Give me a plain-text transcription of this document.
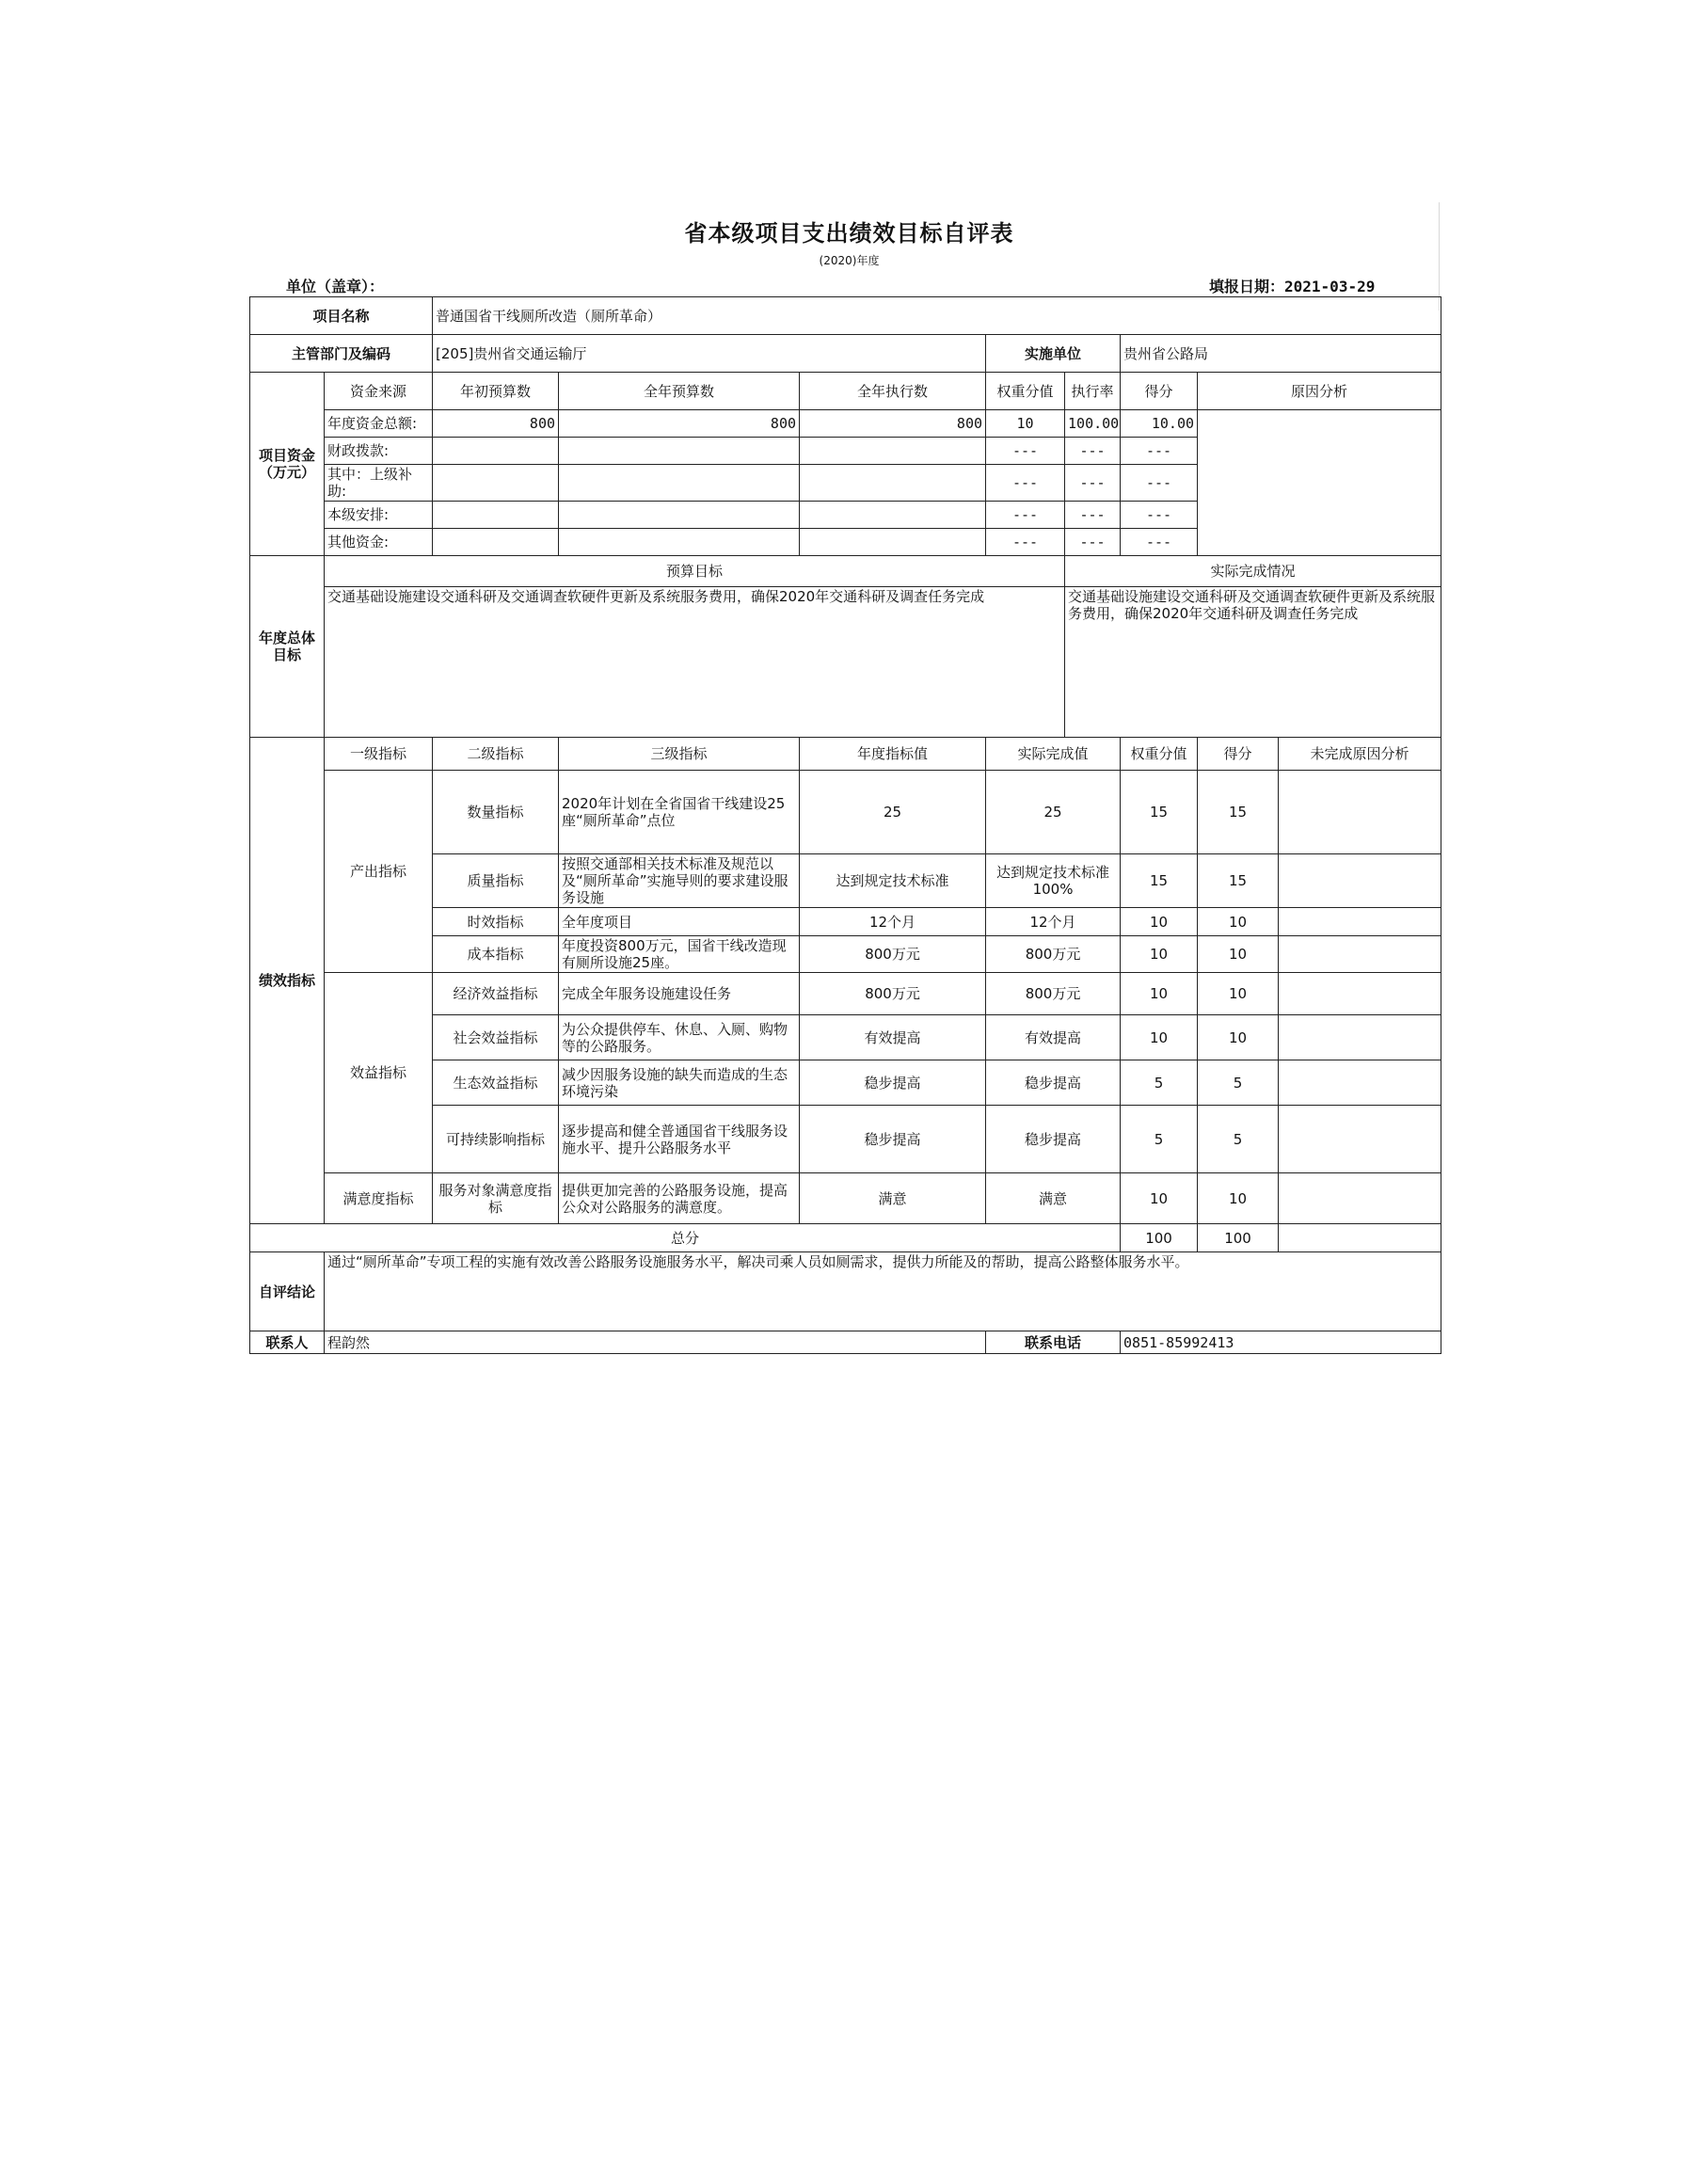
省本级项目支出绩效目标自评表
(2020)年度
单位（盖章）：	填报日期：2021-03-29
项目名称		普通国省干线厕所改造（厕所革命）							
主管部门及编码		[205]贵州省交通运输厅			实施单位		贵州省公路局		
项目资金（万元）	资金来源	年初预算数	全年预算数	全年执行数	权重分值	执行率	得分	原因分析	
	年度资金总额:	800	800	800	10	100.00	10.00		
	财政拨款:				---	---	---		
	其中：上级补助:				---	---	---		
	本级安排:				---	---	---		
	其他资金:				---	---	---		
年度总体目标	预算目标					实际完成情况			
	交通基础设施建设交通科研及交通调查软硬件更新及系统服务费用，确保2020年交通科研及调查任务完成					交通基础设施建设交通科研及交通调查软硬件更新及系统服务费用，确保2020年交通科研及调查任务完成			
绩效指标	一级指标	二级指标	三级指标	年度指标值	实际完成值		权重分值	得分	未完成原因分析
	产出指标	数量指标	2020年计划在全省国省干线建设25座“厕所革命”点位	25	25		15	15	
		质量指标	按照交通部相关技术标准及规范以及“厕所革命”实施导则的要求建设服务设施	达到规定技术标准	达到规定技术标准100%		15	15	
		时效指标	全年度项目	12个月	12个月		10	10	
		成本指标	年度投资800万元，国省干线改造现有厕所设施25座。	800万元	800万元		10	10	
	效益指标	经济效益指标	完成全年服务设施建设任务	800万元	800万元		10	10	
		社会效益指标	为公众提供停车、休息、入厕、购物等的公路服务。	有效提高	有效提高		10	10	
		生态效益指标	减少因服务设施的缺失而造成的生态环境污染	稳步提高	稳步提高		5	5	
		可持续影响指标	逐步提高和健全普通国省干线服务设施水平、提升公路服务水平	稳步提高	稳步提高		5	5	
	满意度指标	服务对象满意度指标	提供更加完善的公路服务设施，提高公众对公路服务的满意度。	满意	满意		10	10	
总分							100	100	
自评结论	通过“厕所革命”专项工程的实施有效改善公路服务设施服务水平，解决司乘人员如厕需求，提供力所能及的帮助，提高公路整体服务水平。								
联系人	程韵然				联系电话		0851-85992413		
